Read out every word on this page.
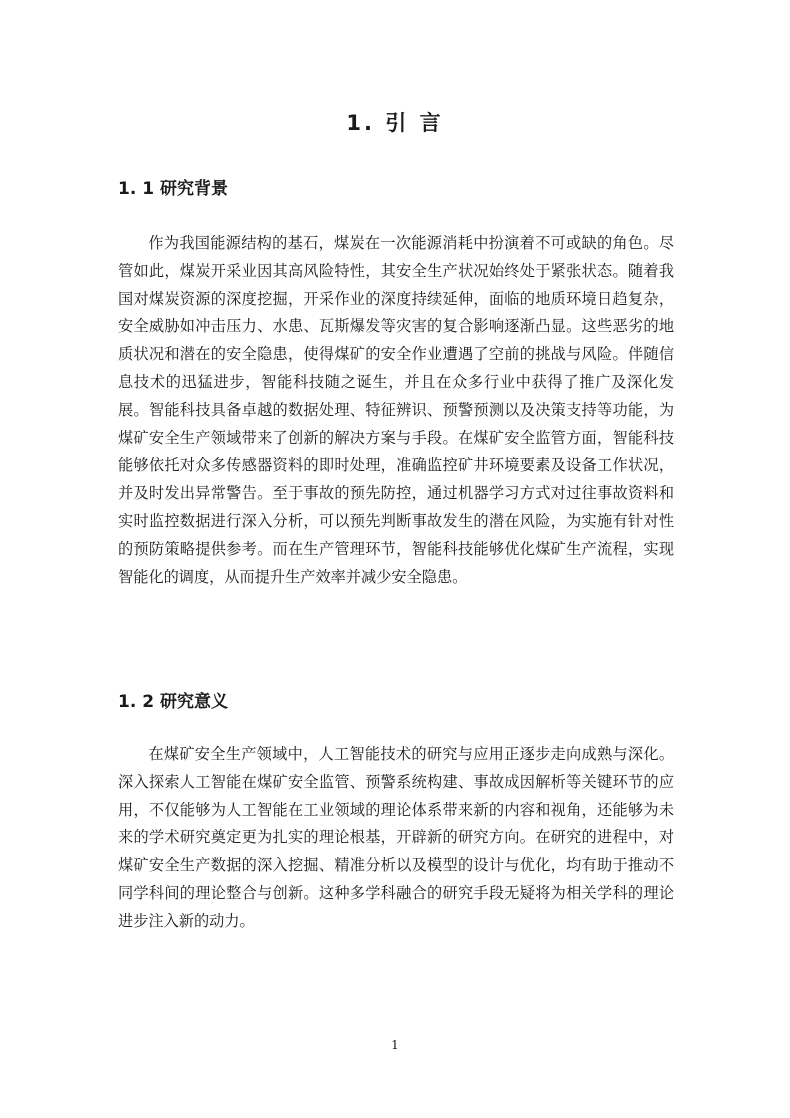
1. 引 言
1. 1 研究背景

作为我国能源结构的基石，煤炭在一次能源消耗中扮演着不可或缺的角色。尽管如此，煤炭开采业因其高风险特性，其安全生产状况始终处于紧张状态。随着我国对煤炭资源的深度挖掘，开采作业的深度持续延伸，面临的地质环境日趋复杂，安全威胁如冲击压力、水患、瓦斯爆发等灾害的复合影响逐渐凸显。这些恶劣的地质状况和潜在的安全隐患，使得煤矿的安全作业遭遇了空前的挑战与风险。伴随信息技术的迅猛进步，智能科技随之诞生，并且在众多行业中获得了推广及深化发展。智能科技具备卓越的数据处理、特征辨识、预警预测以及决策支持等功能，为煤矿安全生产领域带来了创新的解决方案与手段。在煤矿安全监管方面，智能科技能够依托对众多传感器资料的即时处理，准确监控矿井环境要素及设备工作状况，并及时发出异常警告。至于事故的预先防控，通过机器学习方式对过往事故资料和实时监控数据进行深入分析，可以预先判断事故发生的潜在风险，为实施有针对性的预防策略提供参考。而在生产管理环节，智能科技能够优化煤矿生产流程，实现智能化的调度，从而提升生产效率并减少安全隐患。

1. 2 研究意义

在煤矿安全生产领域中，人工智能技术的研究与应用正逐步走向成熟与深化。深入探索人工智能在煤矿安全监管、预警系统构建、事故成因解析等关键环节的应用，不仅能够为人工智能在工业领域的理论体系带来新的内容和视角，还能够为未来的学术研究奠定更为扎实的理论根基，开辟新的研究方向。在研究的进程中，对煤矿安全生产数据的深入挖掘、精准分析以及模型的设计与优化，均有助于推动不同学科间的理论整合与创新。这种多学科融合的研究手段无疑将为相关学科的理论进步注入新的动力。

1
